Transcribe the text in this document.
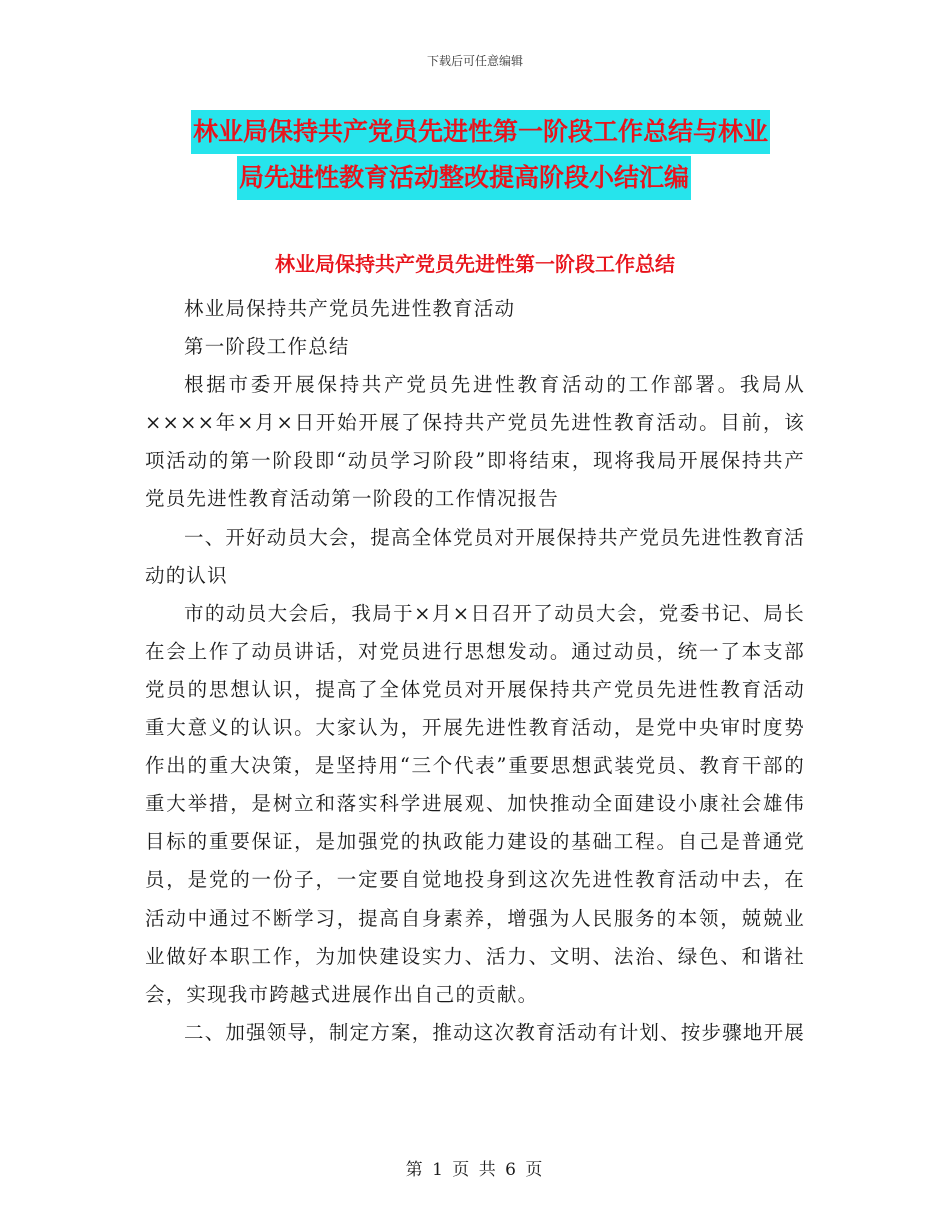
下载后可任意编辑
林业局保持共产党员先进性第一阶段工作总结与林业
局先进性教育活动整改提高阶段小结汇编
林业局保持共产党员先进性第一阶段工作总结

林业局保持共产党员先进性教育活动

第一阶段工作总结

根据市委开展保持共产党员先进性教育活动的工作部署。我局从××××年×月×日开始开展了保持共产党员先进性教育活动。目前，该项活动的第一阶段即“动员学习阶段”即将结束，现将我局开展保持共产党员先进性教育活动第一阶段的工作情况报告

一、开好动员大会，提高全体党员对开展保持共产党员先进性教育活动的认识

市的动员大会后，我局于×月×日召开了动员大会，党委书记、局长在会上作了动员讲话，对党员进行思想发动。通过动员，统一了本支部党员的思想认识，提高了全体党员对开展保持共产党员先进性教育活动重大意义的认识。大家认为，开展先进性教育活动，是党中央审时度势作出的重大决策，是坚持用“三个代表”重要思想武装党员、教育干部的重大举措，是树立和落实科学进展观、加快推动全面建设小康社会雄伟目标的重要保证，是加强党的执政能力建设的基础工程。自己是普通党员，是党的一份子，一定要自觉地投身到这次先进性教育活动中去，在活动中通过不断学习，提高自身素养，增强为人民服务的本领，兢兢业业做好本职工作，为加快建设实力、活力、文明、法治、绿色、和谐社会，实现我市跨越式进展作出自己的贡献。

二、加强领导，制定方案，推动这次教育活动有计划、按步骤地开展

第 1 页 共 6 页
